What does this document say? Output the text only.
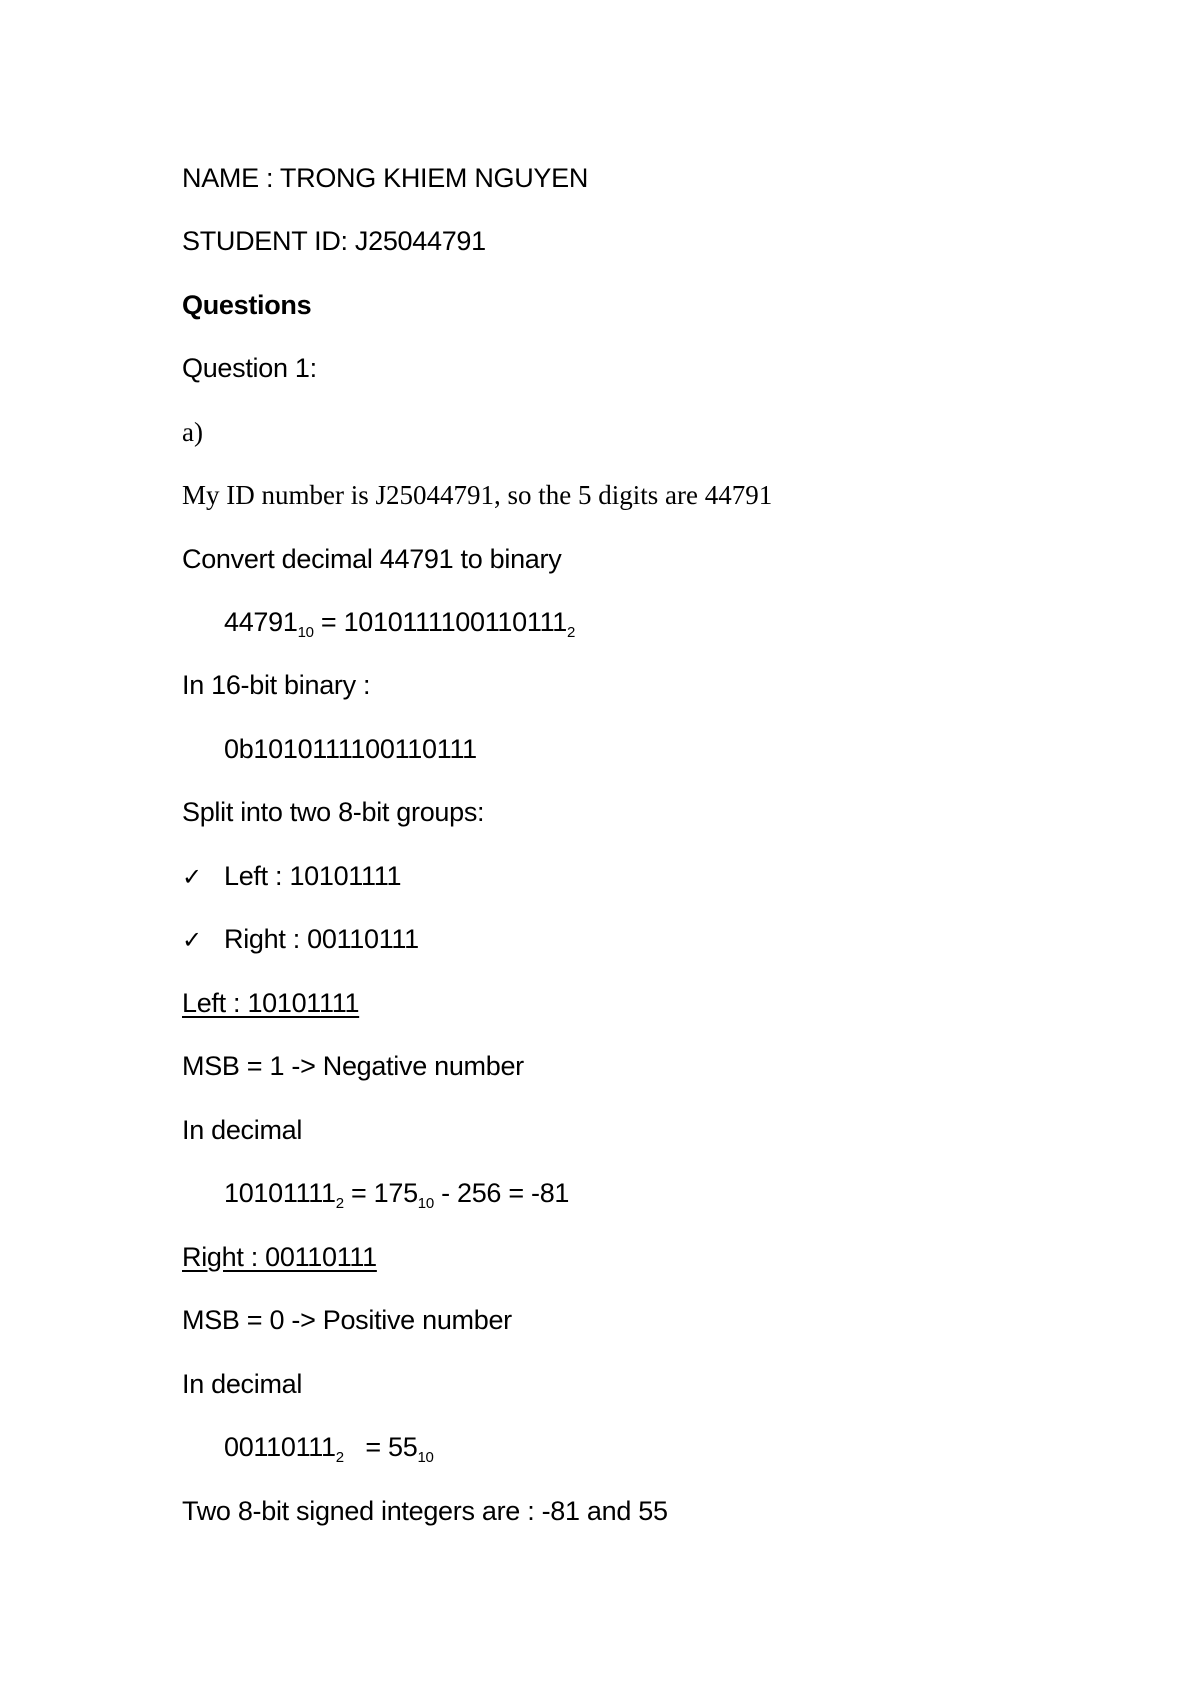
NAME : TRONG KHIEM NGUYEN
STUDENT ID: J25044791
Questions
Question 1:
a)
My ID number is J25044791, so the 5 digits are 44791
Convert decimal 44791 to binary
$44791_{10} = 1010111100110111_2$
In 16-bit binary :
0b1010111100110111
Split into two 8-bit groups:
✓ Left : 10101111
✓ Right : 00110111
Left : 10101111
MSB = 1 -> Negative number
In decimal
$10101111_2 = 175_{10} - 256 = -81$
Right : 00110111
MSB = 0 -> Positive number
In decimal
$00110111_2 = 55_{10}$
Two 8-bit signed integers are : -81 and 55
